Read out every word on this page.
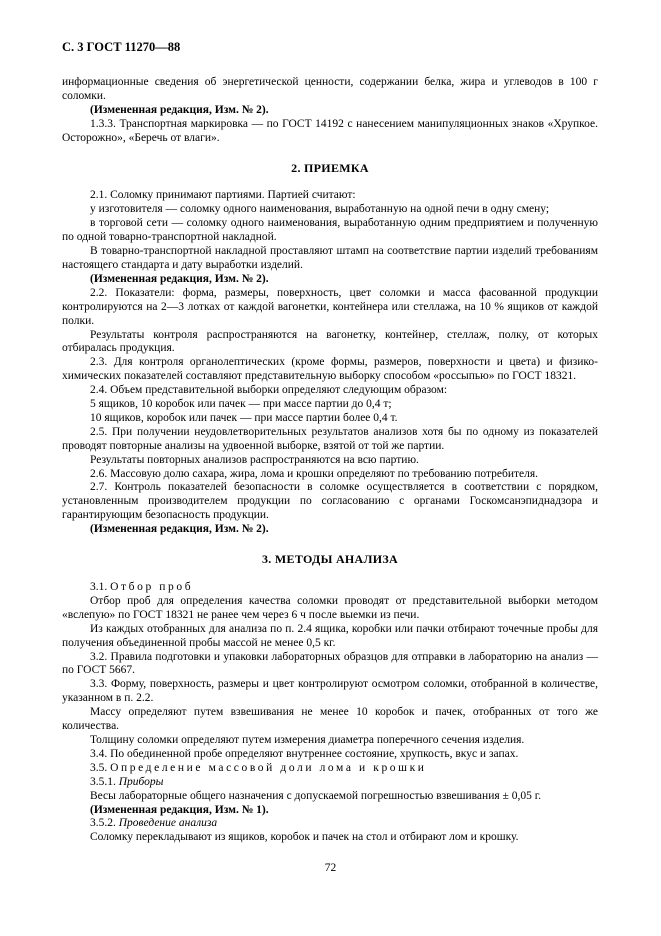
С. 3 ГОСТ 11270—88

информационные сведения об энергетической ценности, содержании белка, жира и углеводов в 100 г соломки.

(Измененная редакция, Изм. № 2).

1.3.3. Транспортная маркировка — по ГОСТ 14192 с нанесением манипуляционных знаков «Хрупкое. Осторожно», «Беречь от влаги».

2. ПРИЕМКА

2.1. Соломку принимают партиями. Партией считают:

у изготовителя — соломку одного наименования, выработанную на одной печи в одну смену;

в торговой сети — соломку одного наименования, выработанную одним предприятием и полученную по одной товарно-транспортной накладной.

В товарно-транспортной накладной проставляют штамп на соответствие партии изделий требованиям настоящего стандарта и дату выработки изделий.

(Измененная редакция, Изм. № 2).

2.2. Показатели: форма, размеры, поверхность, цвет соломки и масса фасованной продукции контролируются на 2—3 лотках от каждой вагонетки, контейнера или стеллажа, на 10 % ящиков от каждой полки.

Результаты контроля распространяются на вагонетку, контейнер, стеллаж, полку, от которых отбиралась продукция.

2.3. Для контроля органолептических (кроме формы, размеров, поверхности и цвета) и физико-химических показателей составляют представительную выборку способом «россыпью» по ГОСТ 18321.

2.4. Объем представительной выборки определяют следующим образом:

5 ящиков, 10 коробок или пачек — при массе партии до 0,4 т;

10 ящиков, коробок или пачек — при массе партии более 0,4 т.

2.5. При получении неудовлетворительных результатов анализов хотя бы по одному из показателей проводят повторные анализы на удвоенной выборке, взятой от той же партии.

Результаты повторных анализов распространяются на всю партию.

2.6. Массовую долю сахара, жира, лома и крошки определяют по требованию потребителя.

2.7. Контроль показателей безопасности в соломке осуществляется в соответствии с порядком, установленным производителем продукции по согласованию с органами Госкомсанэпиднадзора и гарантирующим безопасность продукции.

(Измененная редакция, Изм. № 2).

3. МЕТОДЫ АНАЛИЗА

3.1. Отбор проб

Отбор проб для определения качества соломки проводят от представительной выборки методом «вслепую» по ГОСТ 18321 не ранее чем через 6 ч после выемки из печи.

Из каждых отобранных для анализа по п. 2.4 ящика, коробки или пачки отбирают точечные пробы для получения объединенной пробы массой не менее 0,5 кг.

3.2. Правила подготовки и упаковки лабораторных образцов для отправки в лабораторию на анализ — по ГОСТ 5667.

3.3. Форму, поверхность, размеры и цвет контролируют осмотром соломки, отобранной в количестве, указанном в п. 2.2.

Массу определяют путем взвешивания не менее 10 коробок и пачек, отобранных от того же количества.

Толщину соломки определяют путем измерения диаметра поперечного сечения изделия.

3.4. По обединенной пробе определяют внутреннее состояние, хрупкость, вкус и запах.

3.5. Определение массовой доли лома и крошки

3.5.1. Приборы

Весы лабораторные общего назначения с допускаемой погрешностью взвешивания ± 0,05 г.

(Измененная редакция, Изм. № 1).

3.5.2. Проведение анализа

Соломку перекладывают из ящиков, коробок и пачек на стол и отбирают лом и крошку.

72
